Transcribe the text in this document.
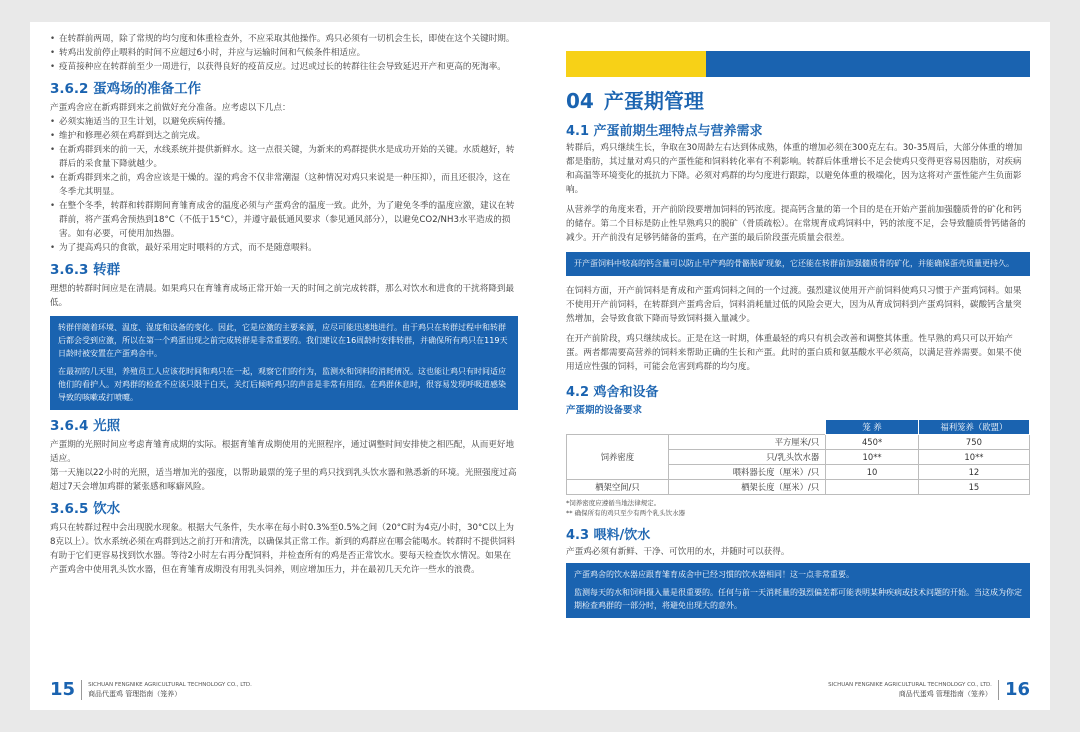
• 在转群前两周，除了常规的均匀度和体重检查外，不应采取其他操作。鸡只必须有一切机会生长，即使在这个关键时期。
• 转鸡出发前停止喂料的时间不应超过6小时，并应与运输时间和气候条件相适应。
• 疫苗接种应在转群前至少一周进行，以获得良好的疫苗反应。过迟或过长的转群往往会导致延迟开产和更高的死淘率。
3.6.2 蛋鸡场的准备工作

产蛋鸡舍应在新鸡群到来之前做好充分准备。应考虑以下几点：

• 必须实施适当的卫生计划，以避免疾病传播。
• 维护和修理必须在鸡群到达之前完成。
• 在新鸡群到来的前一天，水线系统并提供新鲜水。这一点很关键，为新来的鸡群提供水是成功开始的关键。水质越好，转群后的采食量下降就越少。
• 在新鸡群到来之前，鸡舍应该是干燥的。湿的鸡舍不仅非常潮湿（这种情况对鸡只来说是一种压抑），而且还很冷，这在冬季尤其明显。
• 在整个冬季，转群和转群期间育雏育成舍的温度必须与产蛋鸡舍的温度一致。此外，为了避免冬季的温度应激，建议在转群前，将产蛋鸡舍预热到18°C（不低于15°C），并遵守最低通风要求（参见通风部分），以避免CO2/NH3水平造成的损害。如有必要，可使用加热器。
• 为了提高鸡只的食欲，最好采用定时喂料的方式，而不是随意喂料。
3.6.3 转群

理想的转群时间应是在清晨。如果鸡只在育雏育成场正常开始一天的时间之前完成转群，那么对饮水和进食的干扰将降到最低。

转群伴随着环境、温度、湿度和设备的变化。因此，它是应激的主要来源，应尽可能迅速地进行。由于鸡只在转群过程中和转群后都会受到应激，所以在第一个鸡蛋出现之前完成转群是非常重要的。我们建议在16周龄时安排转群，并确保所有鸡只在119天日龄时被安置在产蛋鸡舍中。

在最初的几天里，养殖员工人应该花时间和鸡只在一起，观察它们的行为，监测水和饲料的消耗情况。这也能让鸡只有时间适应他们的看护人。对鸡群的检查不应该只限于白天，关灯后倾听鸡只的声音是非常有用的。在鸡群休息时，很容易发现呼吸道感染导致的咳嗽或打喷嚏。

3.6.4 光照

产蛋期的光照时间应考虑育雏育成期的实际。根据育雏育成期使用的光照程序，通过调整时间安排使之相匹配，从而更好地适应。

第一天施以22小时的光照，适当增加光的强度，以帮助最票的笼子里的鸡只找到乳头饮水器和熟悉新的环境。光照强度过高超过7天会增加鸡群的紧张感和啄癖风险。

3.6.5 饮水

鸡只在转群过程中会出现脱水现象。根据大气条件，失水率在每小时0.3%至0.5%之间（20°C时为4克/小时，30°C以上为8克以上）。饮水系统必须在鸡群到达之前打开和清洗，以确保其正常工作。新到的鸡群应在哪会能喝水。转群时不提供饲料有助于它们更容易找到饮水器。等待2小时左右再分配饲料，并检查所有的鸡是否正常饮水。要每天检查饮水情况。如果在产蛋鸡舍中使用乳头饮水器，但在育雏育成期没有用乳头饲养，则应增加压力，并在最初几天允许一些水的浪费。

15 SICHUAN FENGNIKE AGRICULTURAL TECHNOLOGY CO., LTD.
商品代蛋鸡 管理指南（笼养）
04 产蛋期管理
4.1 产蛋前期生理特点与营养需求

转群后，鸡只继续生长，争取在30周龄左右达到体成熟，体重的增加必须在300克左右。30-35周后，大部分体重的增加都是脂肪，其过量对鸡只的产蛋性能和饲料转化率有不利影响。转群后体重增长不足会使鸡只变得更容易因脂肪，对疾病和高温等环境变化的抵抗力下降。必须对鸡群的均匀度进行跟踪，以避免体重的极端化，因为这将对产蛋性能产生负面影响。

从营养学的角度来看，开产前阶段要增加饲料的钙浓度。提高钙含量的第一个目的是在开始产蛋前加强髓质骨的矿化和钙的储存。第二个目标是防止性早熟鸡只的脱矿（骨质疏松）。在常规育成鸡饲料中，钙的浓度不足，会导致髓质骨钙储备的减少。开产前没有足够钙储备的蛋鸡，在产蛋的最后阶段蛋壳质量会很差。

开产蛋饲料中较高的钙含量可以防止早产鸡的骨骼脱矿现象，它还能在转群前加强髓质骨的矿化，并能确保蛋壳质量更持久。

在饲料方面，开产前饲料是育成和产蛋鸡饲料之间的一个过渡。强烈建议使用开产前饲料使鸡只习惯于产蛋鸡饲料。如果不使用开产前饲料，在转群到产蛋鸡舍后，饲料消耗量过低的风险会更大，因为从育成饲料到产蛋鸡饲料，碳酸钙含量突然增加，会导致食欲下降而导致饲料摄入量减少。

在开产前阶段，鸡只继续成长。正是在这一时期，体重最轻的鸡只有机会改善和调整其体重。性早熟的鸡只可以开始产蛋。两者都需要高营养的饲料来帮助正确的生长和产蛋。此时的蛋白质和氨基酸水平必须高，以满足营养需要。如果不使用适应性强的饲料，可能会危害到鸡群的均匀度。

4.2 鸡舍和设备
产蛋期的设备要求
		笼 养	福利笼养（欧盟）
饲养密度	平方厘米/只	450*	750
	只/乳头饮水器	10**	10**
	喂料器长度（厘米）/只	10	12
栖架空间/只	栖架长度（厘米）/只		15
*饲养密度应遵循当地法律规定。
** 确保所有的鸡只至少有两个乳头饮水器
4.3 喂料/饮水

产蛋鸡必须有新鲜、干净、可饮用的水，并随时可以获得。

产蛋鸡舍的饮水器应跟育雏育成舍中已经习惯的饮水器相同！这一点非常重要。

监测每天的水和饲料摄入量是很重要的。任何与前一天消耗量的强烈偏差都可能表明某种疾病或技术问题的开始。当这成为你定期检查鸡群的一部分时，将避免出现大的意外。

SICHUAN FENGNIKE AGRICULTURAL TECHNOLOGY CO., LTD.
商品代蛋鸡 管理指南（笼养） 16
